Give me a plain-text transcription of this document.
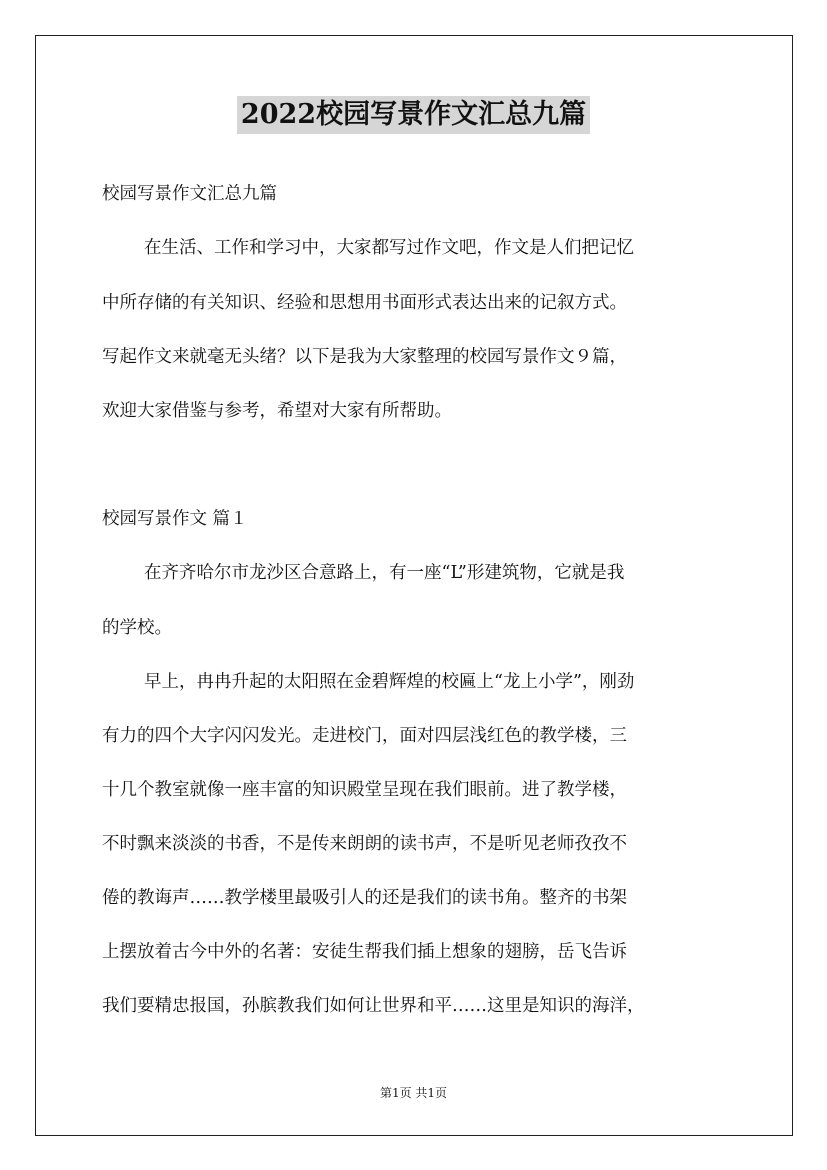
2022校园写景作文汇总九篇
校园写景作文汇总九篇
在生活、工作和学习中，大家都写过作文吧，作文是人们把记忆
中所存储的有关知识、经验和思想用书面形式表达出来的记叙方式。
写起作文来就毫无头绪？以下是我为大家整理的校园写景作文９篇，
欢迎大家借鉴与参考，希望对大家有所帮助。
校园写景作文 篇１
在齐齐哈尔市龙沙区合意路上，有一座“L”形建筑物，它就是我
的学校。
早上，冉冉升起的太阳照在金碧辉煌的校匾上“龙上小学”，刚劲
有力的四个大字闪闪发光。走进校门，面对四层浅红色的教学楼，三
十几个教室就像一座丰富的知识殿堂呈现在我们眼前。进了教学楼，
不时飘来淡淡的书香，不是传来朗朗的读书声，不是听见老师孜孜不
倦的教诲声……教学楼里最吸引人的还是我们的读书角。整齐的书架
上摆放着古今中外的名著：安徒生帮我们插上想象的翅膀，岳飞告诉
我们要精忠报国，孙膑教我们如何让世界和平……这里是知识的海洋，
第1页 共1页
